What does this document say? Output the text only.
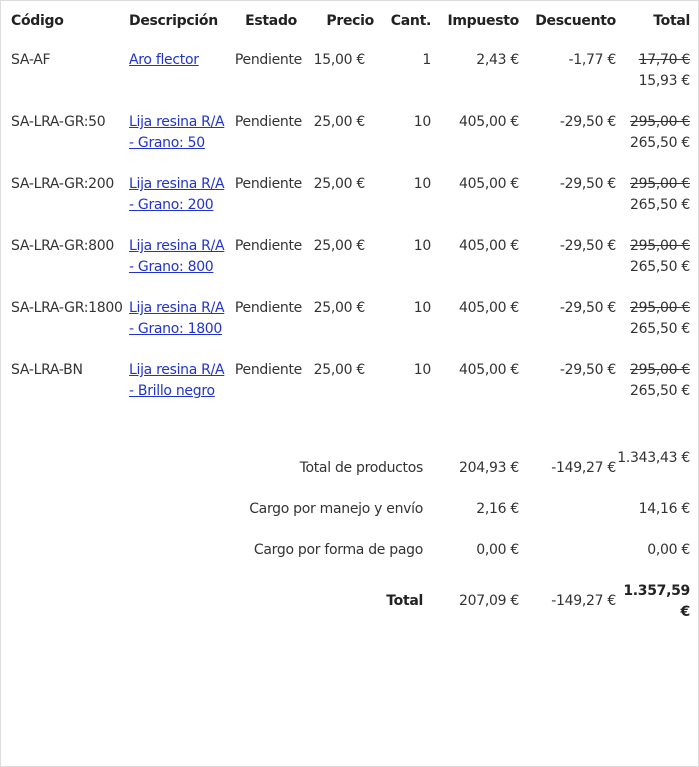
Código	Descripción	Estado	Precio	Cant.	Impuesto	Descuento	Total
SA-AF	Aro flector	Pendiente	15,00 €	1	2,43 €	-1,77 €	17,70 €
15,93 €

SA-LRA-GR:50	Lija resina R/A - Grano: 50	Pendiente	25,00 €	10	405,00 €	-29,50 €	295,00 €
265,50 €

SA-LRA-GR:200	Lija resina R/A - Grano: 200	Pendiente	25,00 €	10	405,00 €	-29,50 €	295,00 €
265,50 €

SA-LRA-GR:800	Lija resina R/A - Grano: 800	Pendiente	25,00 €	10	405,00 €	-29,50 €	295,00 €
265,50 €

SA-LRA-GR:1800	Lija resina R/A - Grano: 1800	Pendiente	25,00 €	10	405,00 €	-29,50 €	295,00 €
265,50 €

SA-LRA-BN	Lija resina R/A - Brillo negro	Pendiente	25,00 €	10	405,00 €	-29,50 €	295,00 €
265,50 €

Total de productos					204,93 €	-149,27 €	1.343,43 €
Cargo por manejo y envío					2,16 €		14,16 €
Cargo por forma de pago					0,00 €		0,00 €
Total					207,09 €	-149,27 €	1.357,59 €
